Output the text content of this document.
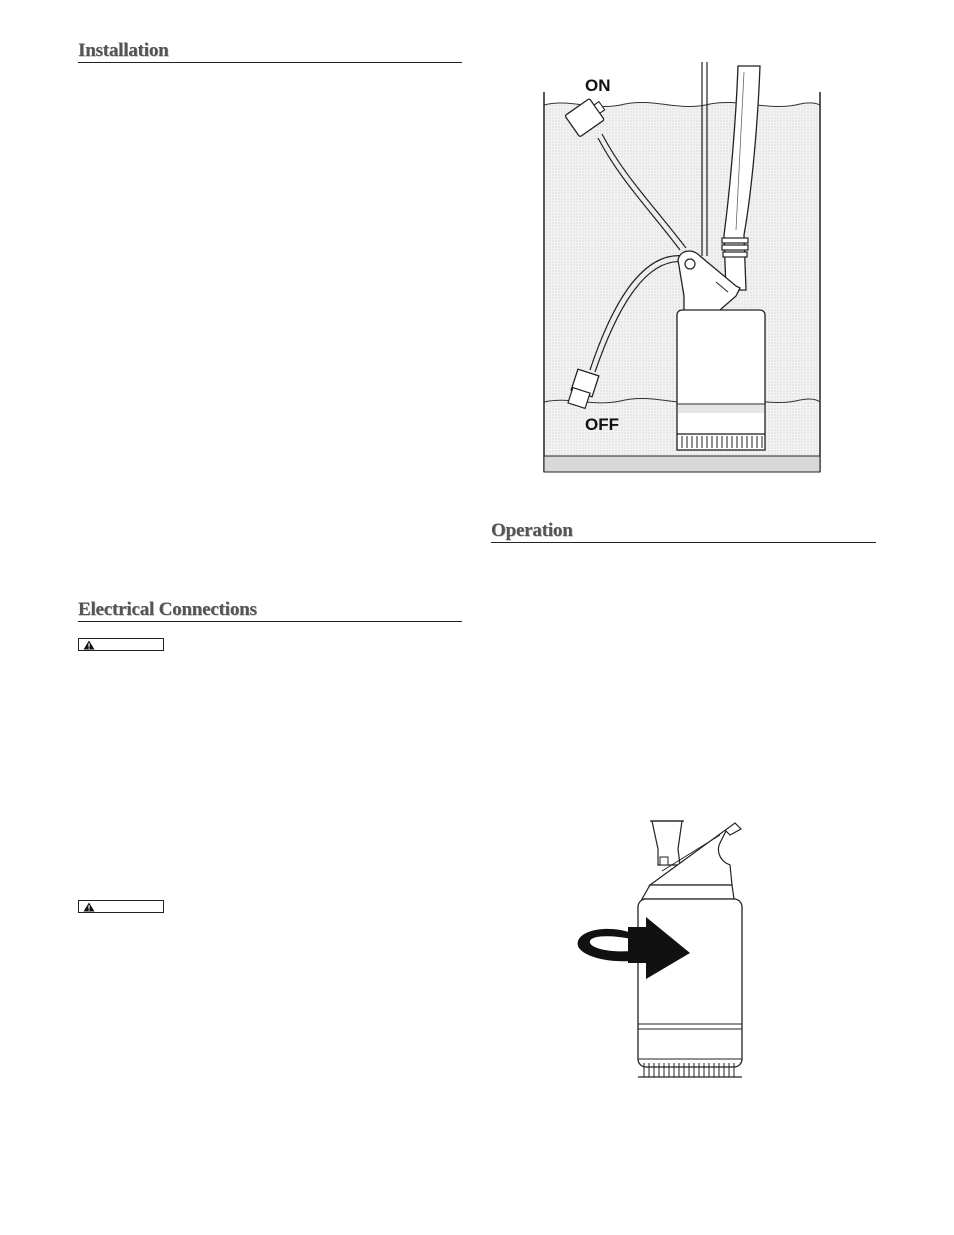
Installation
Electrical Connections
ON
OFF
Operation
